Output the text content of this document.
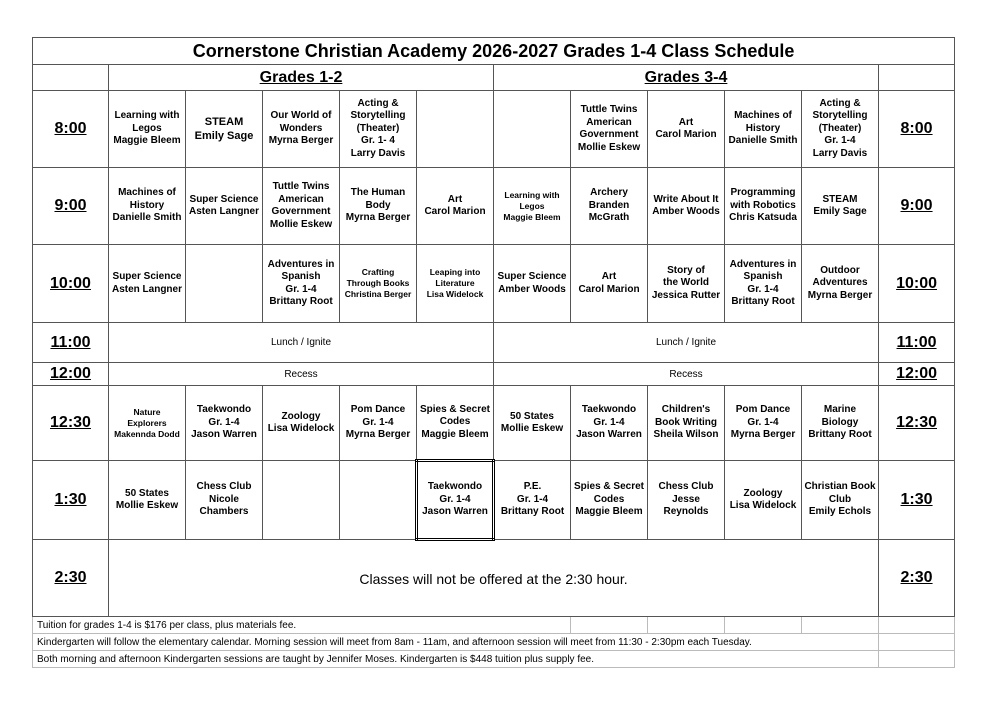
Cornerstone Christian Academy 2026-2027 Grades 1-4 Class Schedule											
	Grades 1-2					Grades 3-4					
8:00	Learning with
Legos
Maggie Bleem	STEAM
Emily Sage	Our World of
Wonders
Myrna Berger	Acting &
Storytelling
(Theater)
Gr. 1- 4
Larry Davis			Tuttle Twins
American
Government
Mollie Eskew	Art
Carol Marion	Machines of
History
Danielle Smith	Acting &
Storytelling
(Theater)
Gr. 1-4
Larry Davis	8:00
9:00	Machines of
History
Danielle Smith	Super Science
Asten Langner	Tuttle Twins
American
Government
Mollie Eskew	The Human
Body
Myrna Berger	Art
Carol Marion	Learning with
Legos
Maggie Bleem	Archery
Branden
McGrath	Write About It
Amber Woods	Programming
with Robotics
Chris Katsuda	STEAM
Emily Sage	9:00
10:00	Super Science
Asten Langner		Adventures in
Spanish
Gr. 1-4
Brittany Root	Crafting
Through Books
Christina Berger	Leaping into
Literature
Lisa Widelock	Super Science
Amber Woods	Art
Carol Marion	Story of
the World
Jessica Rutter	Adventures in
Spanish
Gr. 1-4
Brittany Root	Outdoor
Adventures
Myrna Berger	10:00
11:00	Lunch / Ignite					Lunch / Ignite					11:00
12:00	Recess					Recess					12:00
12:30	Nature
Explorers
Makennda Dodd	Taekwondo
Gr. 1-4
Jason Warren	Zoology
Lisa Widelock	Pom Dance
Gr. 1-4
Myrna Berger	Spies & Secret
Codes
Maggie Bleem	50 States
Mollie Eskew	Taekwondo
Gr. 1-4
Jason Warren	Children's
Book Writing
Sheila Wilson	Pom Dance
Gr. 1-4
Myrna Berger	Marine
Biology
Brittany Root	12:30
1:30	50 States
Mollie Eskew	Chess Club
Nicole
Chambers			Taekwondo
Gr. 1-4
Jason Warren	P.E.
Gr. 1-4
Brittany Root	Spies & Secret
Codes
Maggie Bleem	Chess Club
Jesse Reynolds	Zoology
Lisa Widelock	Christian Book
Club
Emily Echols	1:30
2:30	Classes will not be offered at the 2:30 hour.										2:30
Tuition for grades 1-4 is $176 per class, plus materials fee.											
Kindergarten will follow the elementary calendar. Morning session will meet from 8am - 11am, and afternoon session will meet from 11:30 - 2:30pm each Tuesday.											
Both morning and afternoon Kindergarten sessions are taught by Jennifer Moses. Kindergarten is $448 tuition plus supply fee.											
